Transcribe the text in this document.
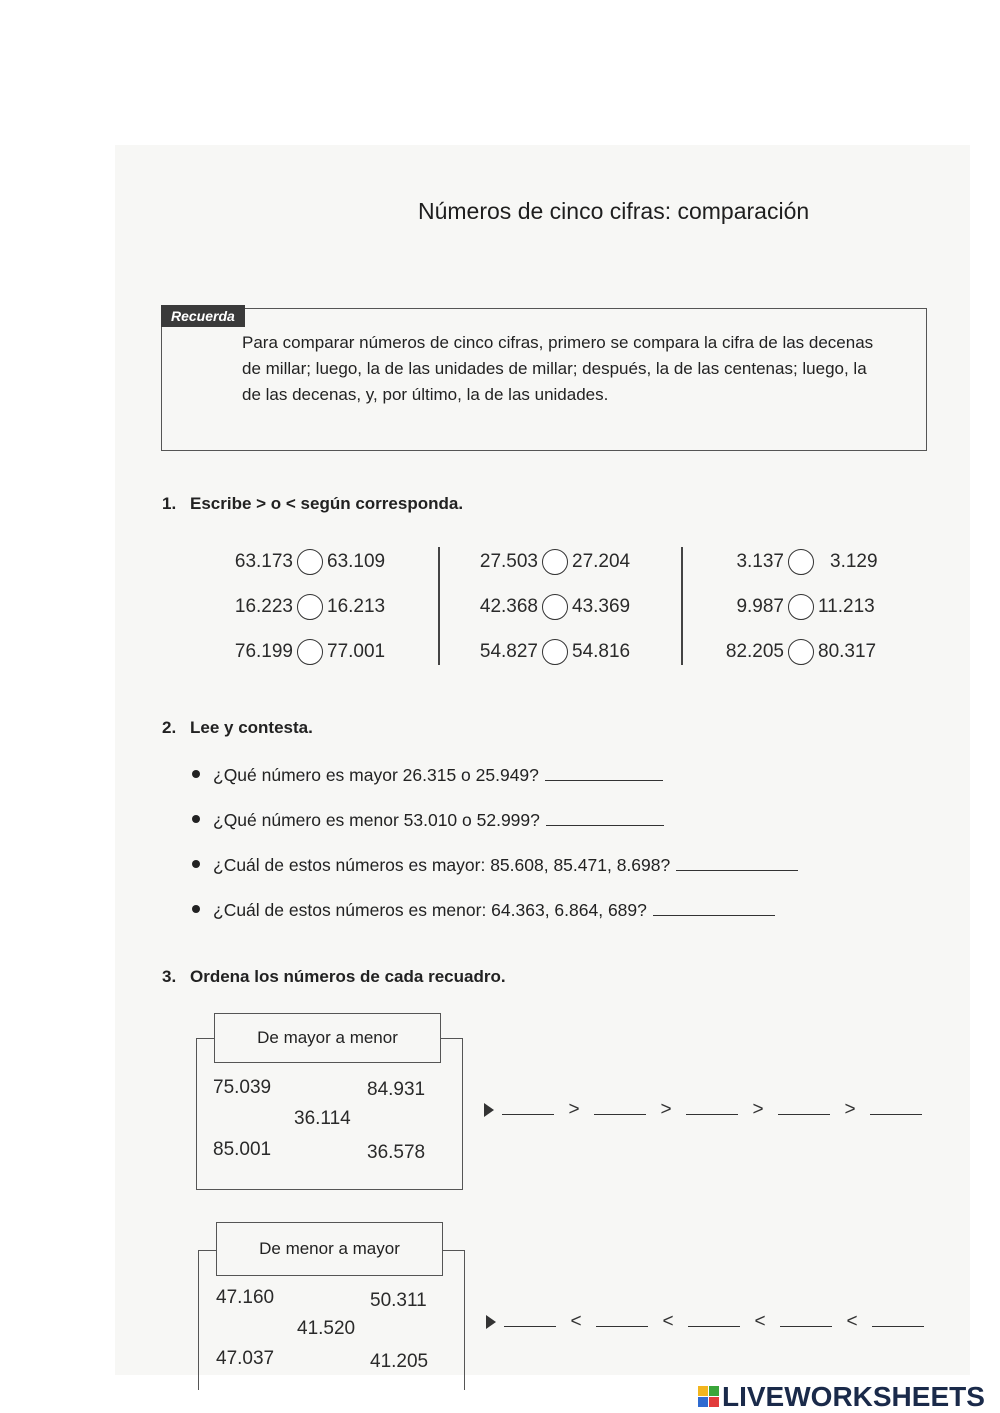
Números de cinco cifras: comparación
Recuerda
Para comparar números de cinco cifras, primero se compara la cifra de las decenas de millar; luego, la de las unidades de millar; después, la de las centenas; luego, la de las decenas, y, por último, la de las unidades.
1. Escribe > o < según corresponda.
63.173 63.109
16.223 16.213
76.199 77.001
27.503 27.204
42.368 43.369
54.827 54.816
3.137 3.129
9.987 11.213
82.205 80.317
2. Lee y contesta.
¿Qué número es mayor 26.315 o 25.949?
¿Qué número es menor 53.010 o 52.999?
¿Cuál de estos números es mayor: 85.608, 85.471, 8.698?
¿Cuál de estos números es menor: 64.363, 6.864, 689?
3. Ordena los números de cada recuadro.
De mayor a menor
75.039	84.931
36.114
85.001	36.578
>	>	>	>
De menor a mayor
47.160	50.311
41.520
47.037	41.205
<	<	<	<
LIVEWORKSHEETS
